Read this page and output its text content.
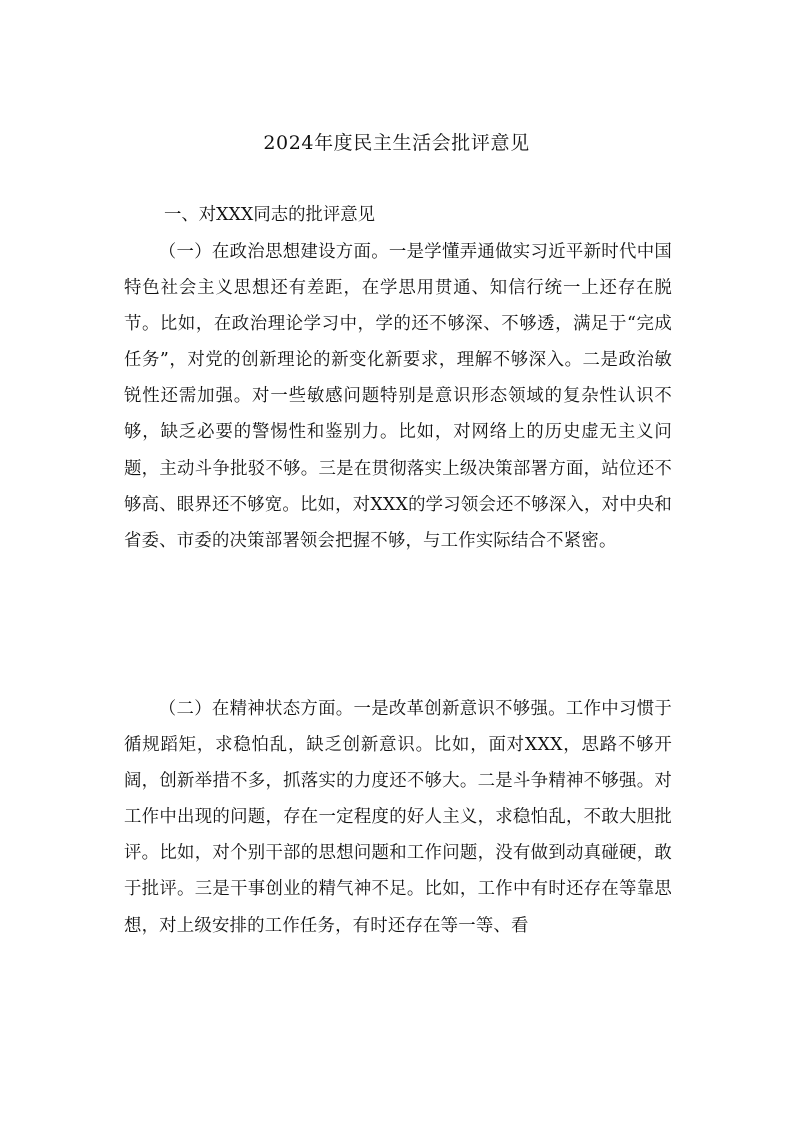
2024年度民主生活会批评意见
一、对XXX同志的批评意见

（一）在政治思想建设方面。一是学懂弄通做实习近平新时代中国特色社会主义思想还有差距，在学思用贯通、知信行统一上还存在脱节。比如，在政治理论学习中，学的还不够深、不够透，满足于“完成任务”，对党的创新理论的新变化新要求，理解不够深入。二是政治敏锐性还需加强。对一些敏感问题特别是意识形态领域的复杂性认识不够，缺乏必要的警惕性和鉴别力。比如，对网络上的历史虚无主义问题，主动斗争批驳不够。三是在贯彻落实上级决策部署方面，站位还不够高、眼界还不够宽。比如，对XXX的学习领会还不够深入，对中央和省委、市委的决策部署领会把握不够，与工作实际结合不紧密。

（二）在精神状态方面。一是改革创新意识不够强。工作中习惯于循规蹈矩，求稳怕乱，缺乏创新意识。比如，面对XXX，思路不够开阔，创新举措不多，抓落实的力度还不够大。二是斗争精神不够强。对工作中出现的问题，存在一定程度的好人主义，求稳怕乱，不敢大胆批评。比如，对个别干部的思想问题和工作问题，没有做到动真碰硬，敢于批评。三是干事创业的精气神不足。比如，工作中有时还存在等靠思想，对上级安排的工作任务，有时还存在等一等、看
